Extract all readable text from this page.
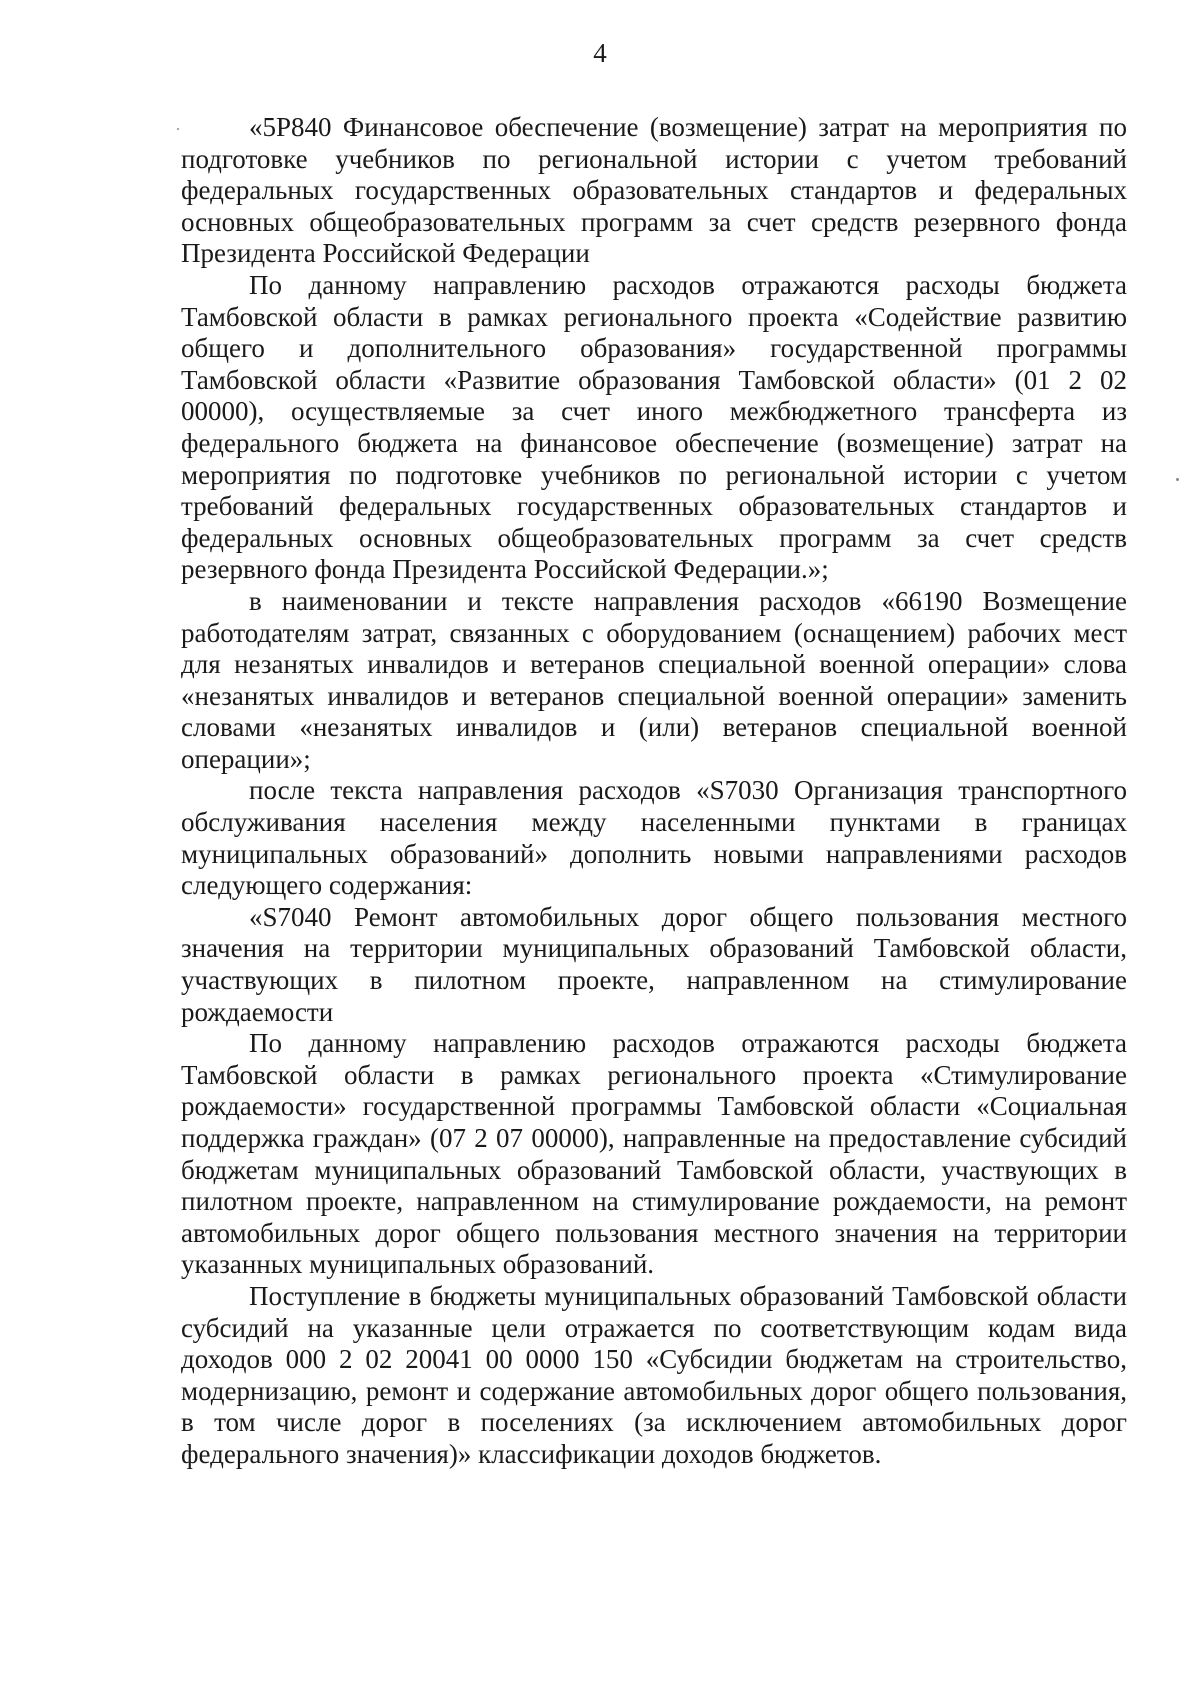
4

«5Р840 Финансовое обеспечение (возмещение) затрат на мероприятия по подготовке учебников по региональной истории с учетом требований федеральных государственных образовательных стандартов и федеральных основных общеобразовательных программ за счет средств резервного фонда Президента Российской Федерации

По данному направлению расходов отражаются расходы бюджета Тамбовской области в рамках регионального проекта «Содействие развитию общего и дополнительного образования» государственной программы Тамбовской области «Развитие образования Тамбовской области» (01 2 02 00000), осуществляемые за счет иного межбюджетного трансферта из федерального бюджета на финансовое обеспечение (возмещение) затрат на мероприятия по подготовке учебников по региональной истории с учетом требований федеральных государственных образовательных стандартов и федеральных основных общеобразовательных программ за счет средств резервного фонда Президента Российской Федерации.»;

в наименовании и тексте направления расходов «66190 Возмещение работодателям затрат, связанных с оборудованием (оснащением) рабочих мест для незанятых инвалидов и ветеранов специальной военной операции» слова «незанятых инвалидов и ветеранов специальной военной операции» заменить словами «незанятых инвалидов и (или) ветеранов специальной военной операции»;

после текста направления расходов «S7030 Организация транспортного обслуживания населения между населенными пунктами в границах муниципальных образований» дополнить новыми направлениями расходов следующего содержания:

«S7040 Ремонт автомобильных дорог общего пользования местного значения на территории муниципальных образований Тамбовской области, участвующих в пилотном проекте, направленном на стимулирование рождаемости

По данному направлению расходов отражаются расходы бюджета Тамбовской области в рамках регионального проекта «Стимулирование рождаемости» государственной программы Тамбовской области «Социальная поддержка граждан» (07 2 07 00000), направленные на предоставление субсидий бюджетам муниципальных образований Тамбовской области, участвующих в пилотном проекте, направленном на стимулирование рождаемости, на ремонт автомобильных дорог общего пользования местного значения на территории указанных муниципальных образований.

Поступление в бюджеты муниципальных образований Тамбовской области субсидий на указанные цели отражается по соответствующим кодам вида доходов 000 2 02 20041 00 0000 150 «Субсидии бюджетам на строительство, модернизацию, ремонт и содержание автомобильных дорог общего пользования, в том числе дорог в поселениях (за исключением автомобильных дорог федерального значения)» классификации доходов бюджетов.
